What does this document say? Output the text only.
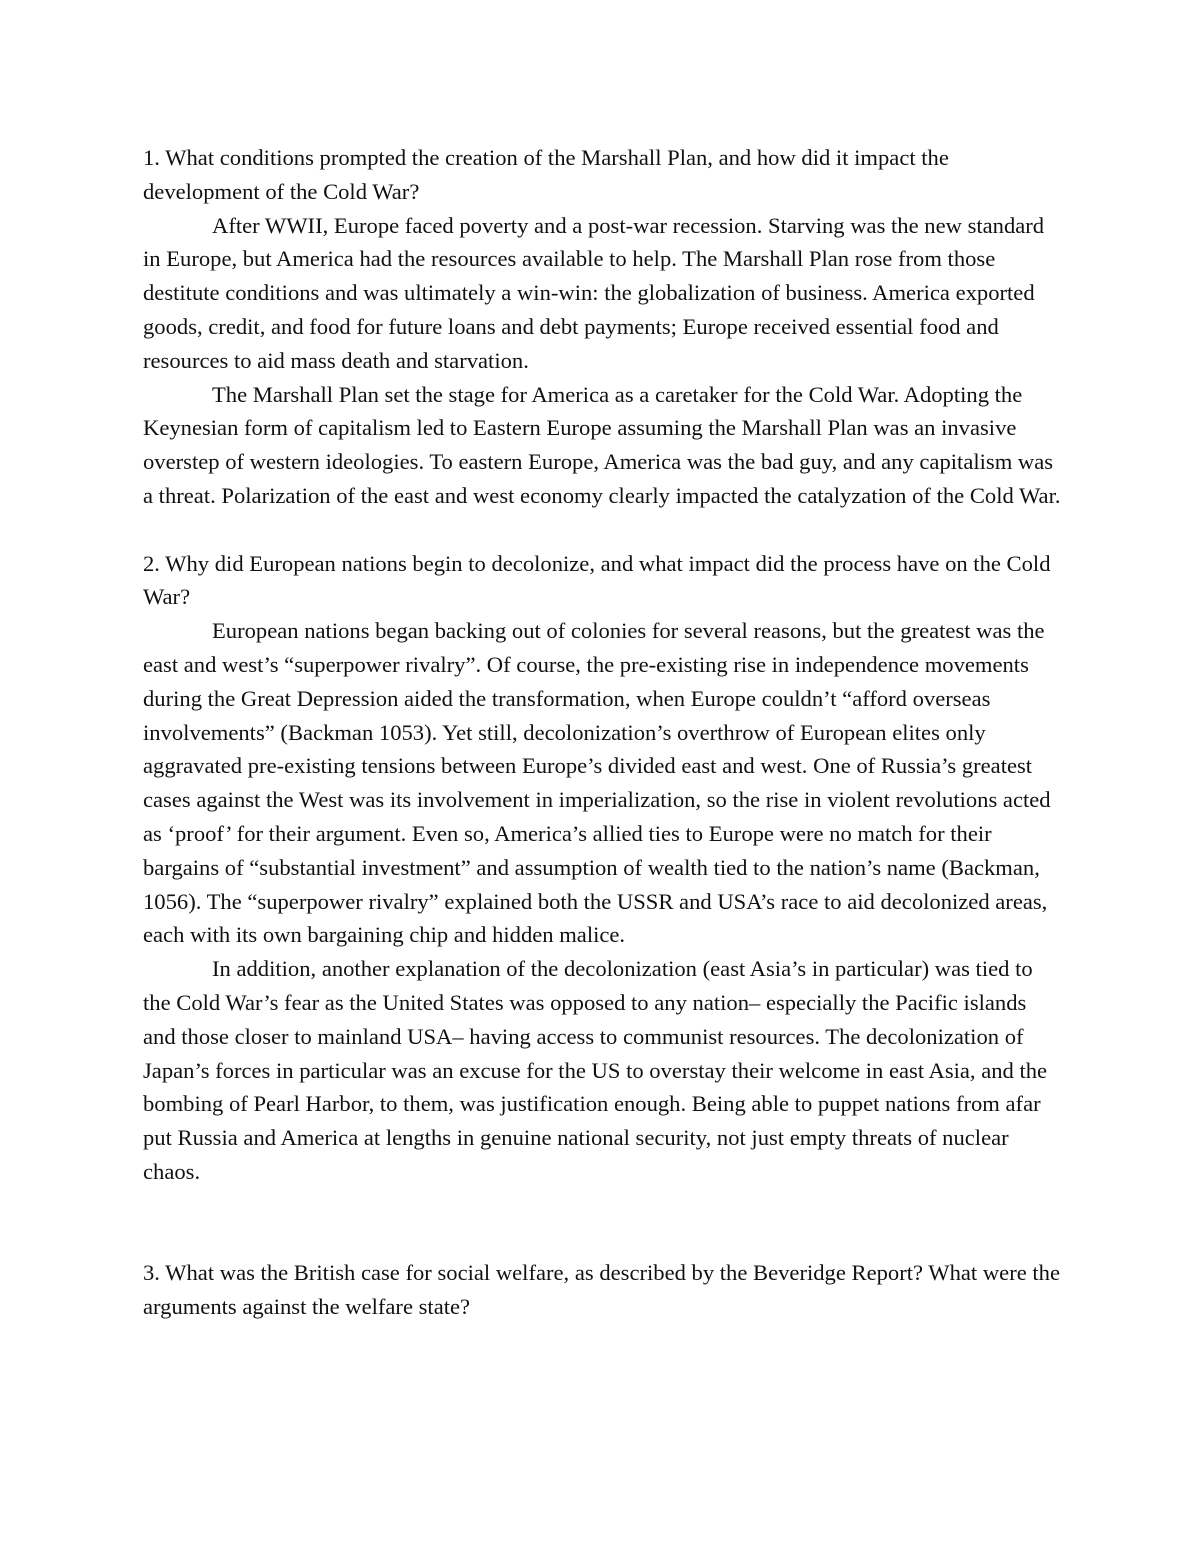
1. What conditions prompted the creation of the Marshall Plan, and how did it impact the development of the Cold War?

After WWII, Europe faced poverty and a post-war recession. Starving was the new standard in Europe, but America had the resources available to help. The Marshall Plan rose from those destitute conditions and was ultimately a win-win: the globalization of business. America exported goods, credit, and food for future loans and debt payments; Europe received essential food and resources to aid mass death and starvation.

The Marshall Plan set the stage for America as a caretaker for the Cold War. Adopting the Keynesian form of capitalism led to Eastern Europe assuming the Marshall Plan was an invasive overstep of western ideologies. To eastern Europe, America was the bad guy, and any capitalism was a threat. Polarization of the east and west economy clearly impacted the catalyzation of the Cold War.

2. Why did European nations begin to decolonize, and what impact did the process have on the Cold War?

European nations began backing out of colonies for several reasons, but the greatest was the east and west’s “superpower rivalry”. Of course, the pre-existing rise in independence movements during the Great Depression aided the transformation, when Europe couldn’t “afford overseas involvements” (Backman 1053). Yet still, decolonization’s overthrow of European elites only aggravated pre-existing tensions between Europe’s divided east and west. One of Russia’s greatest cases against the West was its involvement in imperialization, so the rise in violent revolutions acted as ‘proof’ for their argument. Even so, America’s allied ties to Europe were no match for their bargains of “substantial investment” and assumption of wealth tied to the nation’s name (Backman, 1056). The “superpower rivalry” explained both the USSR and USA’s race to aid decolonized areas, each with its own bargaining chip and hidden malice.

In addition, another explanation of the decolonization (east Asia’s in particular) was tied to the Cold War’s fear as the United States was opposed to any nation– especially the Pacific islands and those closer to mainland USA– having access to communist resources. The decolonization of Japan’s forces in particular was an excuse for the US to overstay their welcome in east Asia, and the bombing of Pearl Harbor, to them, was justification enough. Being able to puppet nations from afar put Russia and America at lengths in genuine national security, not just empty threats of nuclear chaos.

3. What was the British case for social welfare, as described by the Beveridge Report? What were the arguments against the welfare state?
